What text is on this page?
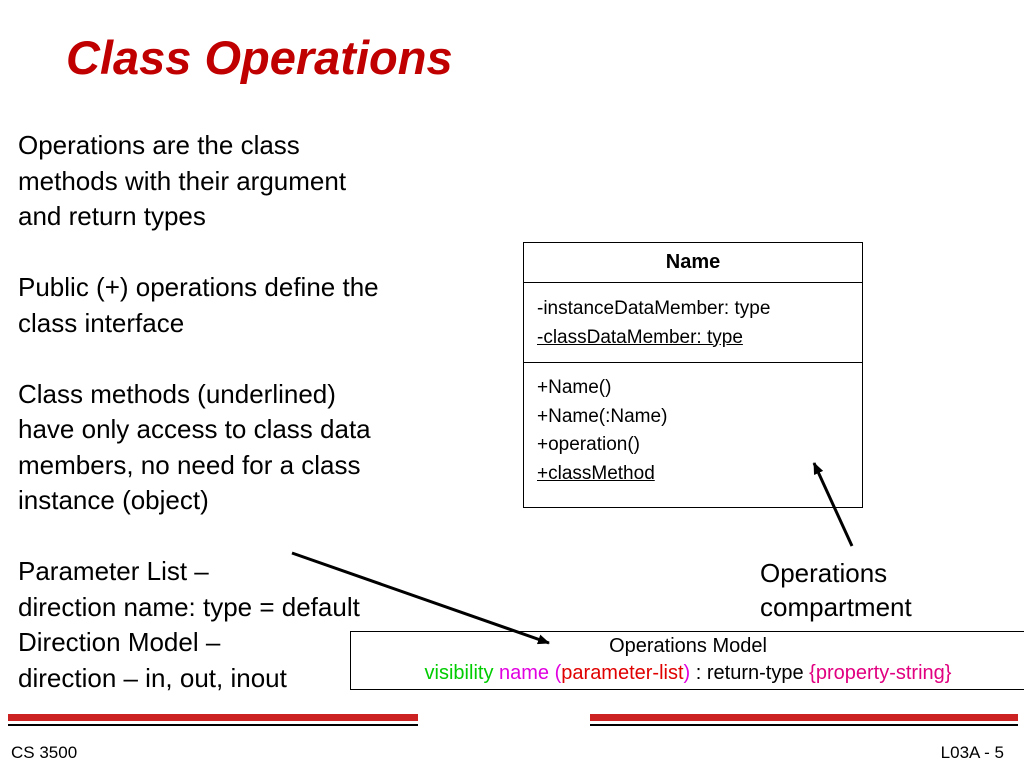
Class Operations
Operations are the class
methods with their argument
and return types
Public (+) operations define the
class interface
Class methods (underlined)
have only access to class data
members, no need for a class
instance (object)
Parameter List –
direction name: type = default
Direction Model –
direction – in, out, inout
Name
-instanceDataMember: type
-classDataMember: type
+Name()
+Name(:Name)
+operation()
+classMethod
Operations
compartment
Operations Model
visibility name (parameter-list) : return-type {property-string}
CS 3500	L03A - 5
